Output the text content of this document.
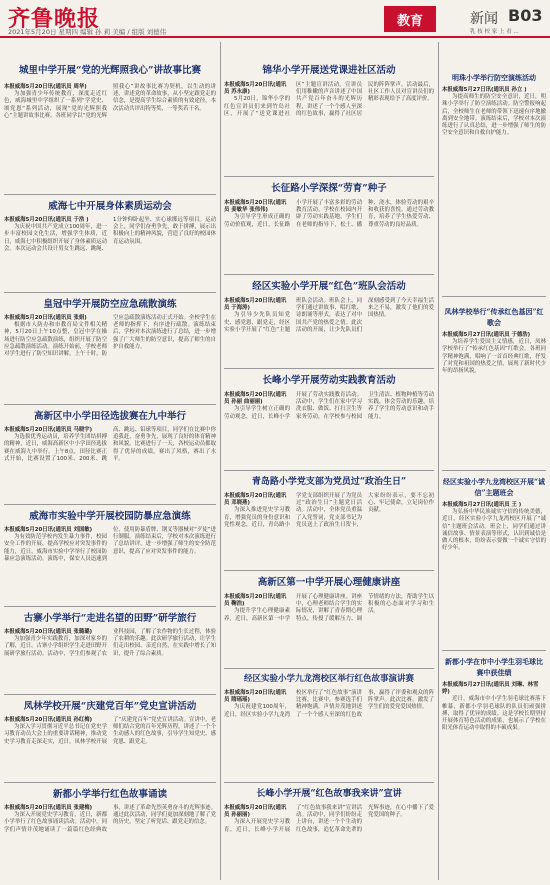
齐鲁晚报
2021年5月20日 星期四 编辑 孙 莉 美编 / 组版 刘德伟
教育	新闻 B03
乳 枝 校 家 上 看 ...
城里中学开展“党的光辉照我心”讲故事比赛
本报威海5月20日讯(通讯员 周华)
为加强青少年传统教育，深度走近红色，威海城里中学组织了一系列“学党史、颂党恩”系列活动，展现“党的光辉照我心”主题讲故事比赛。各班同学以“党的光辉照我心”讲故事比赛为契机，以生动的讲述，讲述党的革命故事，从小坚定跟党走的信念，是提高学生综合素质的有效途径，本次活动共评出特等奖、一等奖若干名。
威海七中开展身体素质运动会
本报威海5月20日讯(通讯员 于浩 )
为庆祝中国共产党成立100周年，进一步丰富校园文化生活，增强学生体质，近日，威海七中积极组织开展了身体素质运动会。本次运动会共设计男女生跳远、跳绳、1分钟仰卧起坐、实心球掷远等项目。运动会上，同学们奋勇争先，敢于拼搏，展示出积极向上的精神风貌，营造了良好的校园体育运动氛围。
皇冠中学开展防空应急疏散演练
本报威海5月20日讯(通讯员 张娟)
根据市人防办和市教育局文件相关精神，5月20日上午10点整，皇冠中学在操场进行防空应急疏散演练，组织开展了防空应急疏散演练活动。演练开始前，学校老师对学生进行了防空知识讲解。上午十时，防空应急疏散演练活动正式开始。全校学生在老师的指挥下，有序进行疏散。演练结束后，学校对本次演练进行了总结，进一步增强了广大师生的防空意识，提高了师生的自护自救能力。
高新区中小学田径选拔赛在九中举行
本报威海5月20日讯(通讯员 马晓宇)
为选拔优秀运动员，培养学生团结拼搏的精神，近日，威海高新区中小学田径选拔赛在威海九中举行。上午8点，田径比赛正式开始，比赛设置了100米、200米、跳高、跳远、铅球等项目，同学们在比赛中你追我赶，奋勇争先，展现了良好的体育精神和风貌。比赛进行了一天，各校运动员都取得了优异的成绩，赛出了风格，赛出了水平。
威海市实验中学开展校园防暴应急演练
本报威海5月20日讯(通讯员 刘国敏)
为有效防范学校内发生暴力事件，校园安全工作的开展，提高学校应对突发事件的能力，近日，威海市实验中学举行了校园防暴应急演练活动。演练中，保安人员迅速到位，使用防暴盾牌、钢叉等器械对“歹徒”进行制服。演练结束后，学校对本次演练进行了总结讲评，进一步增强了师生的安全防范意识，提高了应对突发事件的能力。
古寨小学举行“走进名望的田野”研学旅行
本报威海5月20日讯(通讯员 张璐璐)
为加强青少年实践教育，加深对家乡的了解，近日，古寨小学组织学生走进田野开展研学旅行活动。活动中，学生们参观了农业科技园，了解了农作物的生长过程，体验了农耕的乐趣。此次研学旅行活动，让学生们走出校园、亲近自然，在实践中增长了知识，提升了综合素质。
凤林学校开展“庆建党百年”党史宣讲活动
本报威海5月20日讯(通讯员 孙红梅)
为深入学习贯彻习近平总书记在党史学习教育动员大会上的重要讲话精神，推动党史学习教育走深走实，近日，凤林学校开展了“庆建党百年”党史宣讲活动。宣讲中，老师们结合党的百年光辉历程，讲述了一个个生动感人的红色故事，引导学生知党史、感党恩、跟党走。
新都小学举行红色故事诵读
本报威海5月20日讯(通讯员 张建梅)
为深入开展党史学习教育，近日，新都小学举行了红色故事诵读活动。活动中，同学们声情并茂地诵读了一篇篇红色经典故事，讲述了革命先烈英勇奋斗的光辉事迹。通过此次活动，同学们更加深刻地了解了党的历史，坚定了听党话、跟党走的信念。
锦华小学开展送党课进社区活动
本报威海5月20日讯(通讯员 苏永康)
5月20日，锦华小学的红色宣讲员们来到竹岛社区，开展了“送党课进社区”主题宣讲活动。宣讲员们用稚嫩的声音讲述了中国共产党百年奋斗的光辉历程，讲述了一个个感人至深的红色故事，赢得了社区居民的阵阵掌声。活动最后，社区工作人员对宣讲员们的精彩表现给予了高度评价。
长征路小学深探“劳育”种子
本报威海5月20日讯(通讯员 姜敏华 张伟伟)
为引导学生形成正确的劳动价值观，近日，长征路小学开展了丰富多彩的劳动教育活动。学校在校园内开辟了劳动实践基地，学生们在老师的指导下，松土、播种、浇水，体验劳动的艰辛和收获的喜悦。通过劳动教育，培养了学生热爱劳动、尊重劳动的良好品质。
经区实验小学开展“红色”班队会活动
本报威海5月20日讯(通讯员 于海涛)
为引导少先队员知党史、感党恩、跟党走，经区实验小学开展了“红色”主题班队会活动。班队会上，同学们通过讲故事、唱红歌、诗朗诵等形式，表达了对中国共产党的热爱之情。此次活动的开展，让少先队员们深刻感受到了今天幸福生活来之不易，激发了他们的爱国热情。
长峰小学开展劳动实践教育活动
本报威海5月20日讯(通讯员 孙丽 曲丽丽)
为引导学生树立正确的劳动观念，近日，长峰小学开展了劳动实践教育活动。活动中，学生们在家中学习洗衣服、做饭、打扫卫生等家务劳动，在学校参与校园卫生清洁、植物种植等劳动实践，体会劳动的乐趣，培养了学生的劳动意识和动手能力。
青岛路小学党支部为党员过“政治生日”
本报威海5月20日讯(通讯员 邓晓燕)
为深入推进党史学习教育，增强党员的身份意识和党性观念，近日，青岛路小学党支部组织开展了为党员过“政治生日”主题党日活动。活动中，全体党员重温了入党誓词，党支部书记为党员送上了政治生日贺卡，大家纷纷表示，要不忘初心、牢记使命，立足岗位作贡献。
高新区第一中学开展心理健康讲座
本报威海5月20日讯(通讯员 鞠浩)
为提升学生心理健康素养，近日，高新区第一中学开展了心理健康讲座。讲座中，心理老师结合学生的实际情况，讲解了青春期心理特点，传授了缓解压力、调节情绪的方法，帮助学生以积极的心态面对学习和生活。
经区实验小学九龙湾校区举行红色故事演讲赛
本报威海5月20日讯(通讯员 隋瑶瑶)
为庆祝建党100周年，近日，经区实验小学九龙湾校区举行了“红色故事”演讲比赛。比赛中，参赛选手们精神饱满，声情并茂地讲述了一个个感人至深的红色故事，赢得了评委和观众的阵阵掌声。此次比赛，激发了学生们的爱党爱国热情。
长峰小学开展“红色故事我来讲”宣讲
本报威海5月20日讯(通讯员 孙丽丽)
为深入开展党史学习教育，近日，长峰小学开展了“红色故事我来讲”宣讲活动。活动中，同学们纷纷走上讲台，讲述一个个生动的红色故事，追忆革命先辈的光辉事迹，在心中播下了爱党爱国的种子。
明珠小学举行防空演练活动
本报威海5月27日讯(通讯员 孙立 )
为提高师生的防空安全意识，近日，明珠小学举行了防空演练活动。防空警报响起后，全校师生在老师的带领下迅速有序地撤离到安全地带。演练结束后，学校对本次演练进行了认真总结，进一步增强了师生的防空安全意识和自救自护能力。
凤林学校举行“传承红色基因”红歌会
本报威海5月27日讯(通讯员 于德浩)
为培养学生爱国主义情感，近日，凤林学校举行了“传承红色基因”红歌会。各班同学精神饱满，唱响了一首首经典红歌，抒发了对党和祖国的热爱之情，展现了新时代少年的昂扬风貌。
经区实验小学九龙湾校区开展“诚信”主题班会
本报威海5月27日讯(通讯员 王 )
为弘扬中华民族诚实守信的传统美德，近日，经区实验小学九龙湾校区开展了“诚信”主题班会活动。班会上，同学们通过讲诚信故事、情景表演等形式，认识到诚信是做人的根本，纷纷表示要做一个诚实守信的好少年。
新都小学在市中小学生羽毛球比赛中获佳绩
本报威海5月27日讯(通讯员 刘琳、林雪婷)
近日，威海市中小学生羽毛球比赛落下帷幕，新都小学羽毛球队的队员们顽强拼搏，取得了优异的成绩。这是学校长期坚持开展体育特色活动的成果，也展示了学校在阳光体育运动中取得的丰硕成果。
